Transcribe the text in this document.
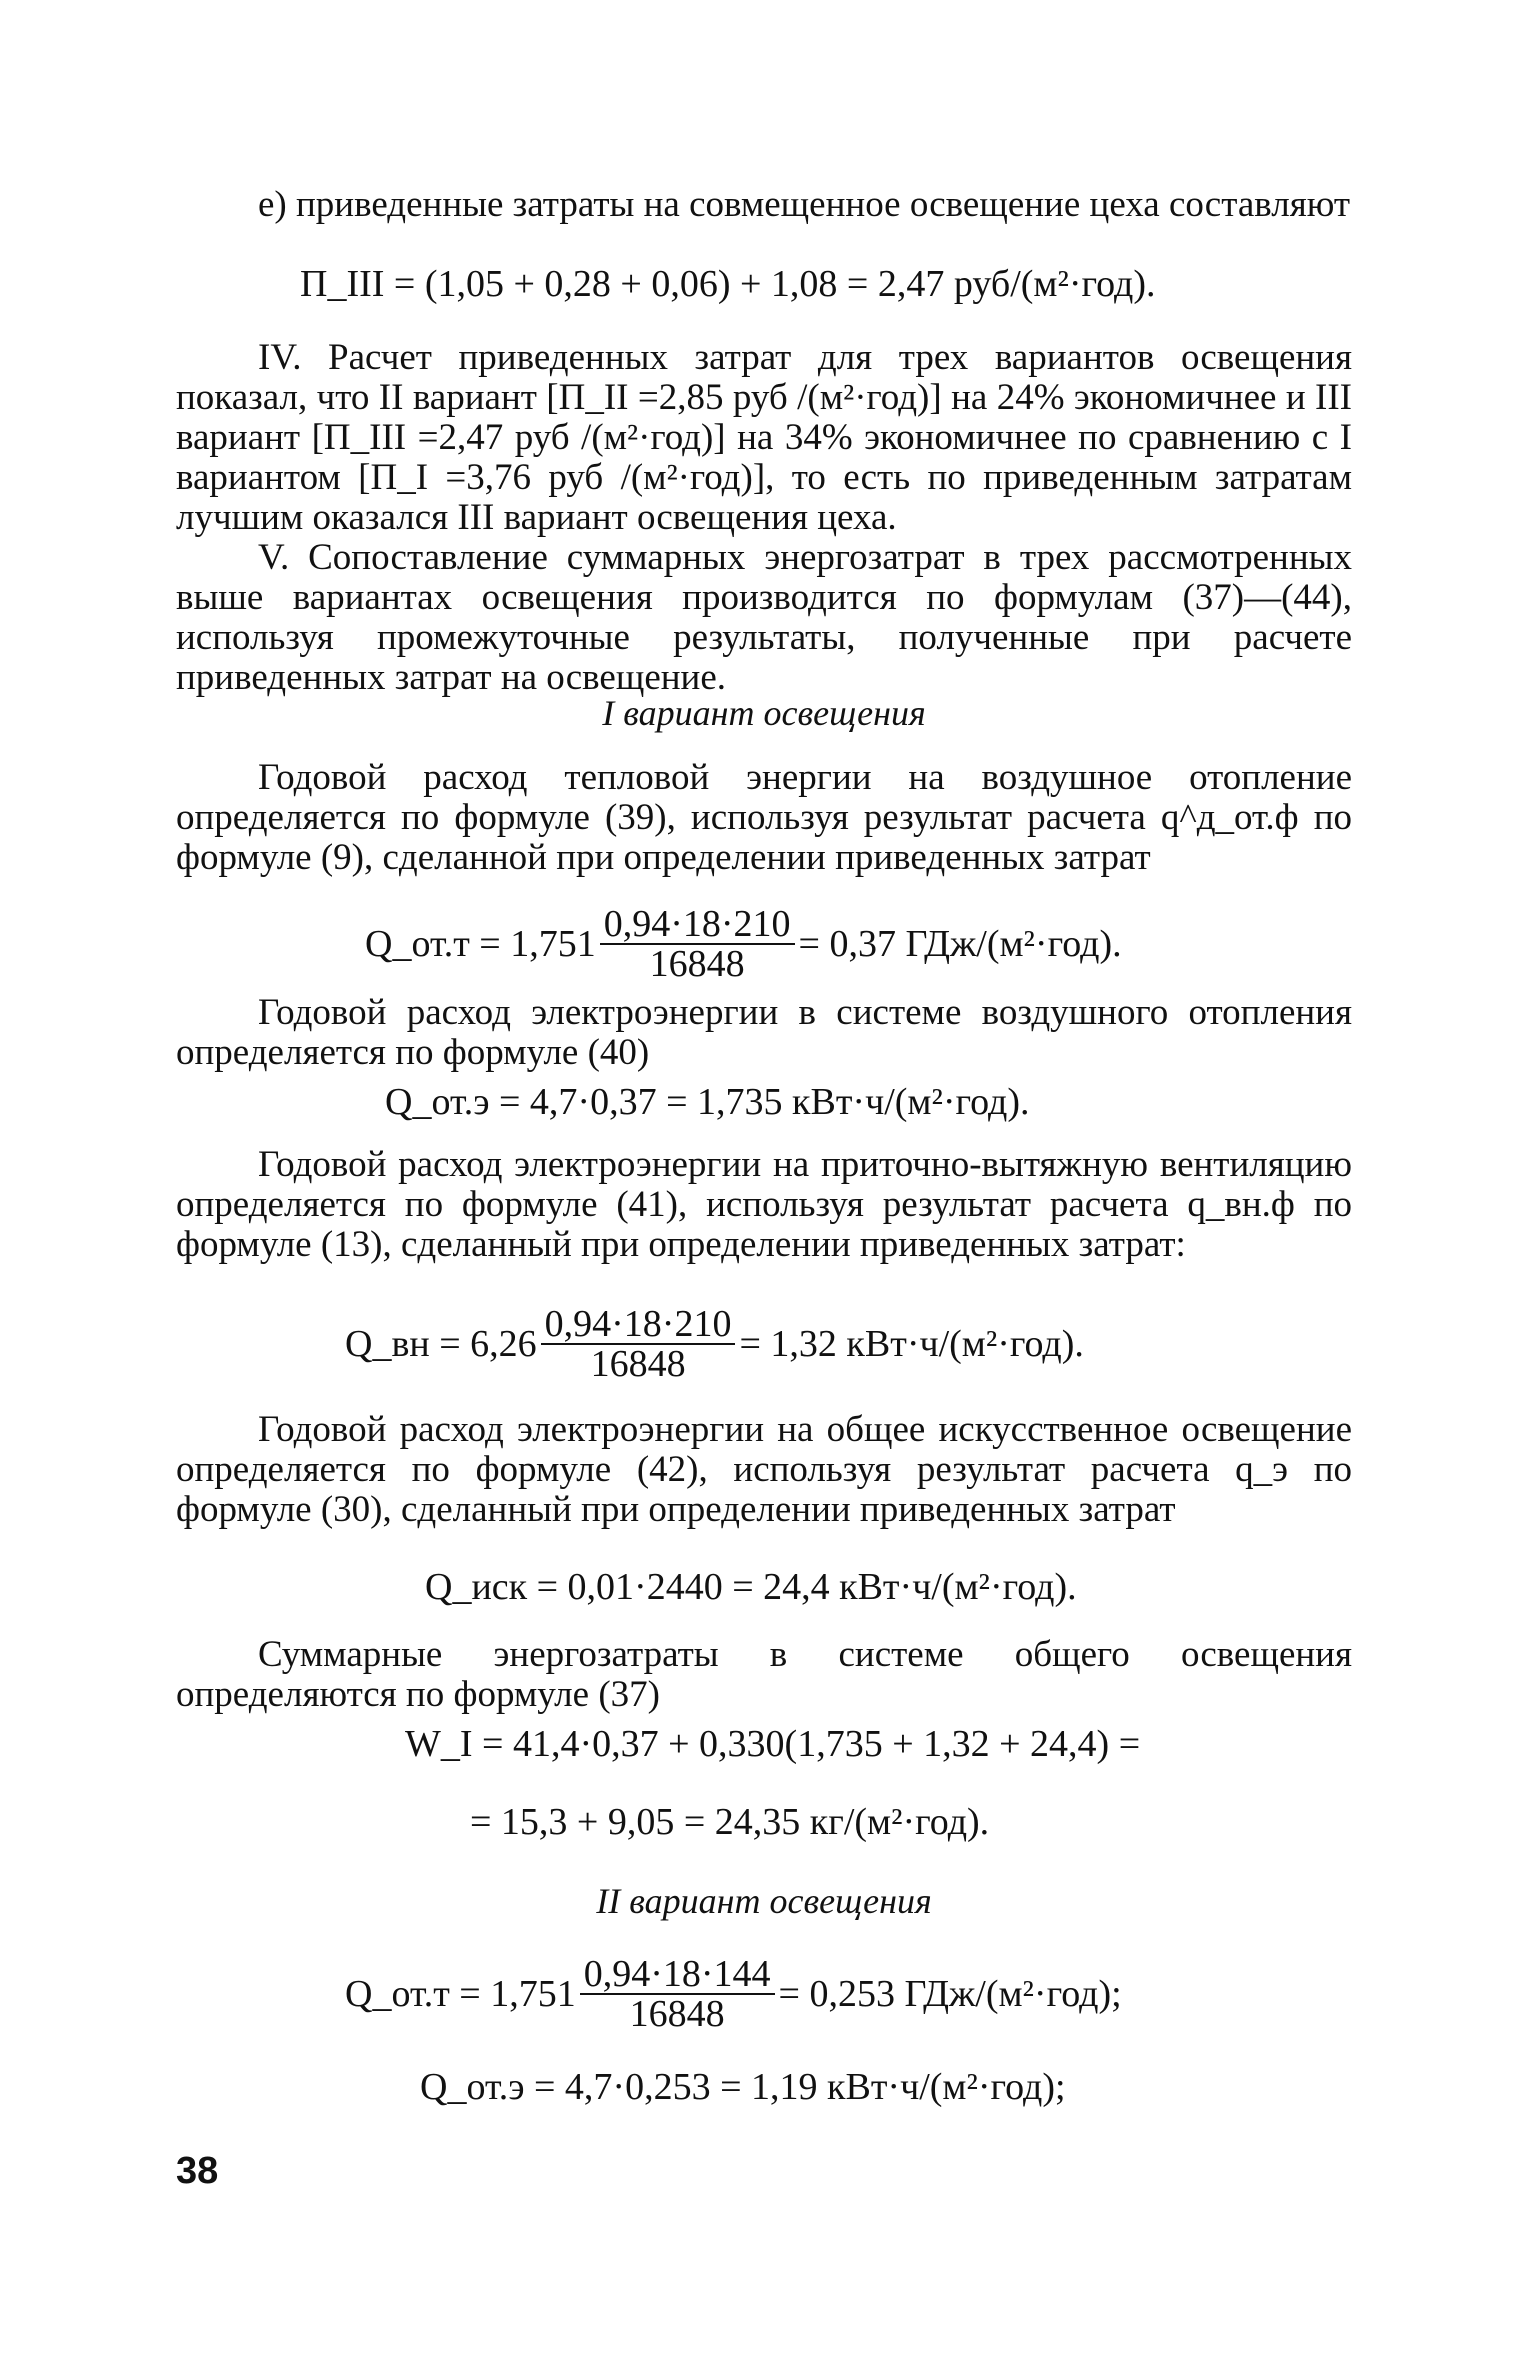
е) приведенные затраты на совмещенное освещение цеха составляют
П_III = (1,05 + 0,28 + 0,06) + 1,08 = 2,47 руб/(м²·год).
IV. Расчет приведенных затрат для трех вариантов освещения показал, что II вариант [П_II =2,85 руб /(м²·год)] на 24% экономичнее и III вариант [П_III =2,47 руб /(м²·год)] на 34% экономичнее по сравнению с I вариантом [П_I =3,76 руб /(м²·год)], то есть по приведенным затратам лучшим оказался III вариант освещения цеха.
V. Сопоставление суммарных энергозатрат в трех рассмотренных выше вариантах освещения производится по формулам (37)—(44), используя промежуточные результаты, полученные при расчете приведенных затрат на освещение.
I вариант освещения
Годовой расход тепловой энергии на воздушное отопление определяется по формуле (39), используя результат расчета q^д_от.ф по формуле (9), сделанной при определении приведенных затрат
Q_от.т = $1,751 \frac{0,94\cdot 18\cdot 210}{16848} = 0,37$ ГДж/(м²·год).
Годовой расход электроэнергии в системе воздушного отопления определяется по формуле (40)
Q_от.э = 4,7·0,37 = 1,735 кВт·ч/(м²·год).
Годовой расход электроэнергии на приточно-вытяжную вентиляцию определяется по формуле (41), используя результат расчета q_вн.ф по формуле (13), сделанный при определении приведенных затрат:
Q_вн = $6,26 \frac{0,94\cdot 18\cdot 210}{16848} = 1,32$ кВт·ч/(м²·год).
Годовой расход электроэнергии на общее искусственное освещение определяется по формуле (42), используя результат расчета q_э по формуле (30), сделанный при определении приведенных затрат
Q_иск = 0,01·2440 = 24,4 кВт·ч/(м²·год).
Суммарные энергозатраты в системе общего освещения определяются по формуле (37)
W_I = 41,4·0,37 + 0,330(1,735 + 1,32 + 24,4) =
= 15,3 + 9,05 = 24,35 кг/(м²·год).
II вариант освещения
Q_от.т = $1,751 \frac{0,94\cdot 18\cdot 144}{16848} = 0,253$ ГДж/(м²·год);
Q_от.э = 4,7·0,253 = 1,19 кВт·ч/(м²·год);
38
